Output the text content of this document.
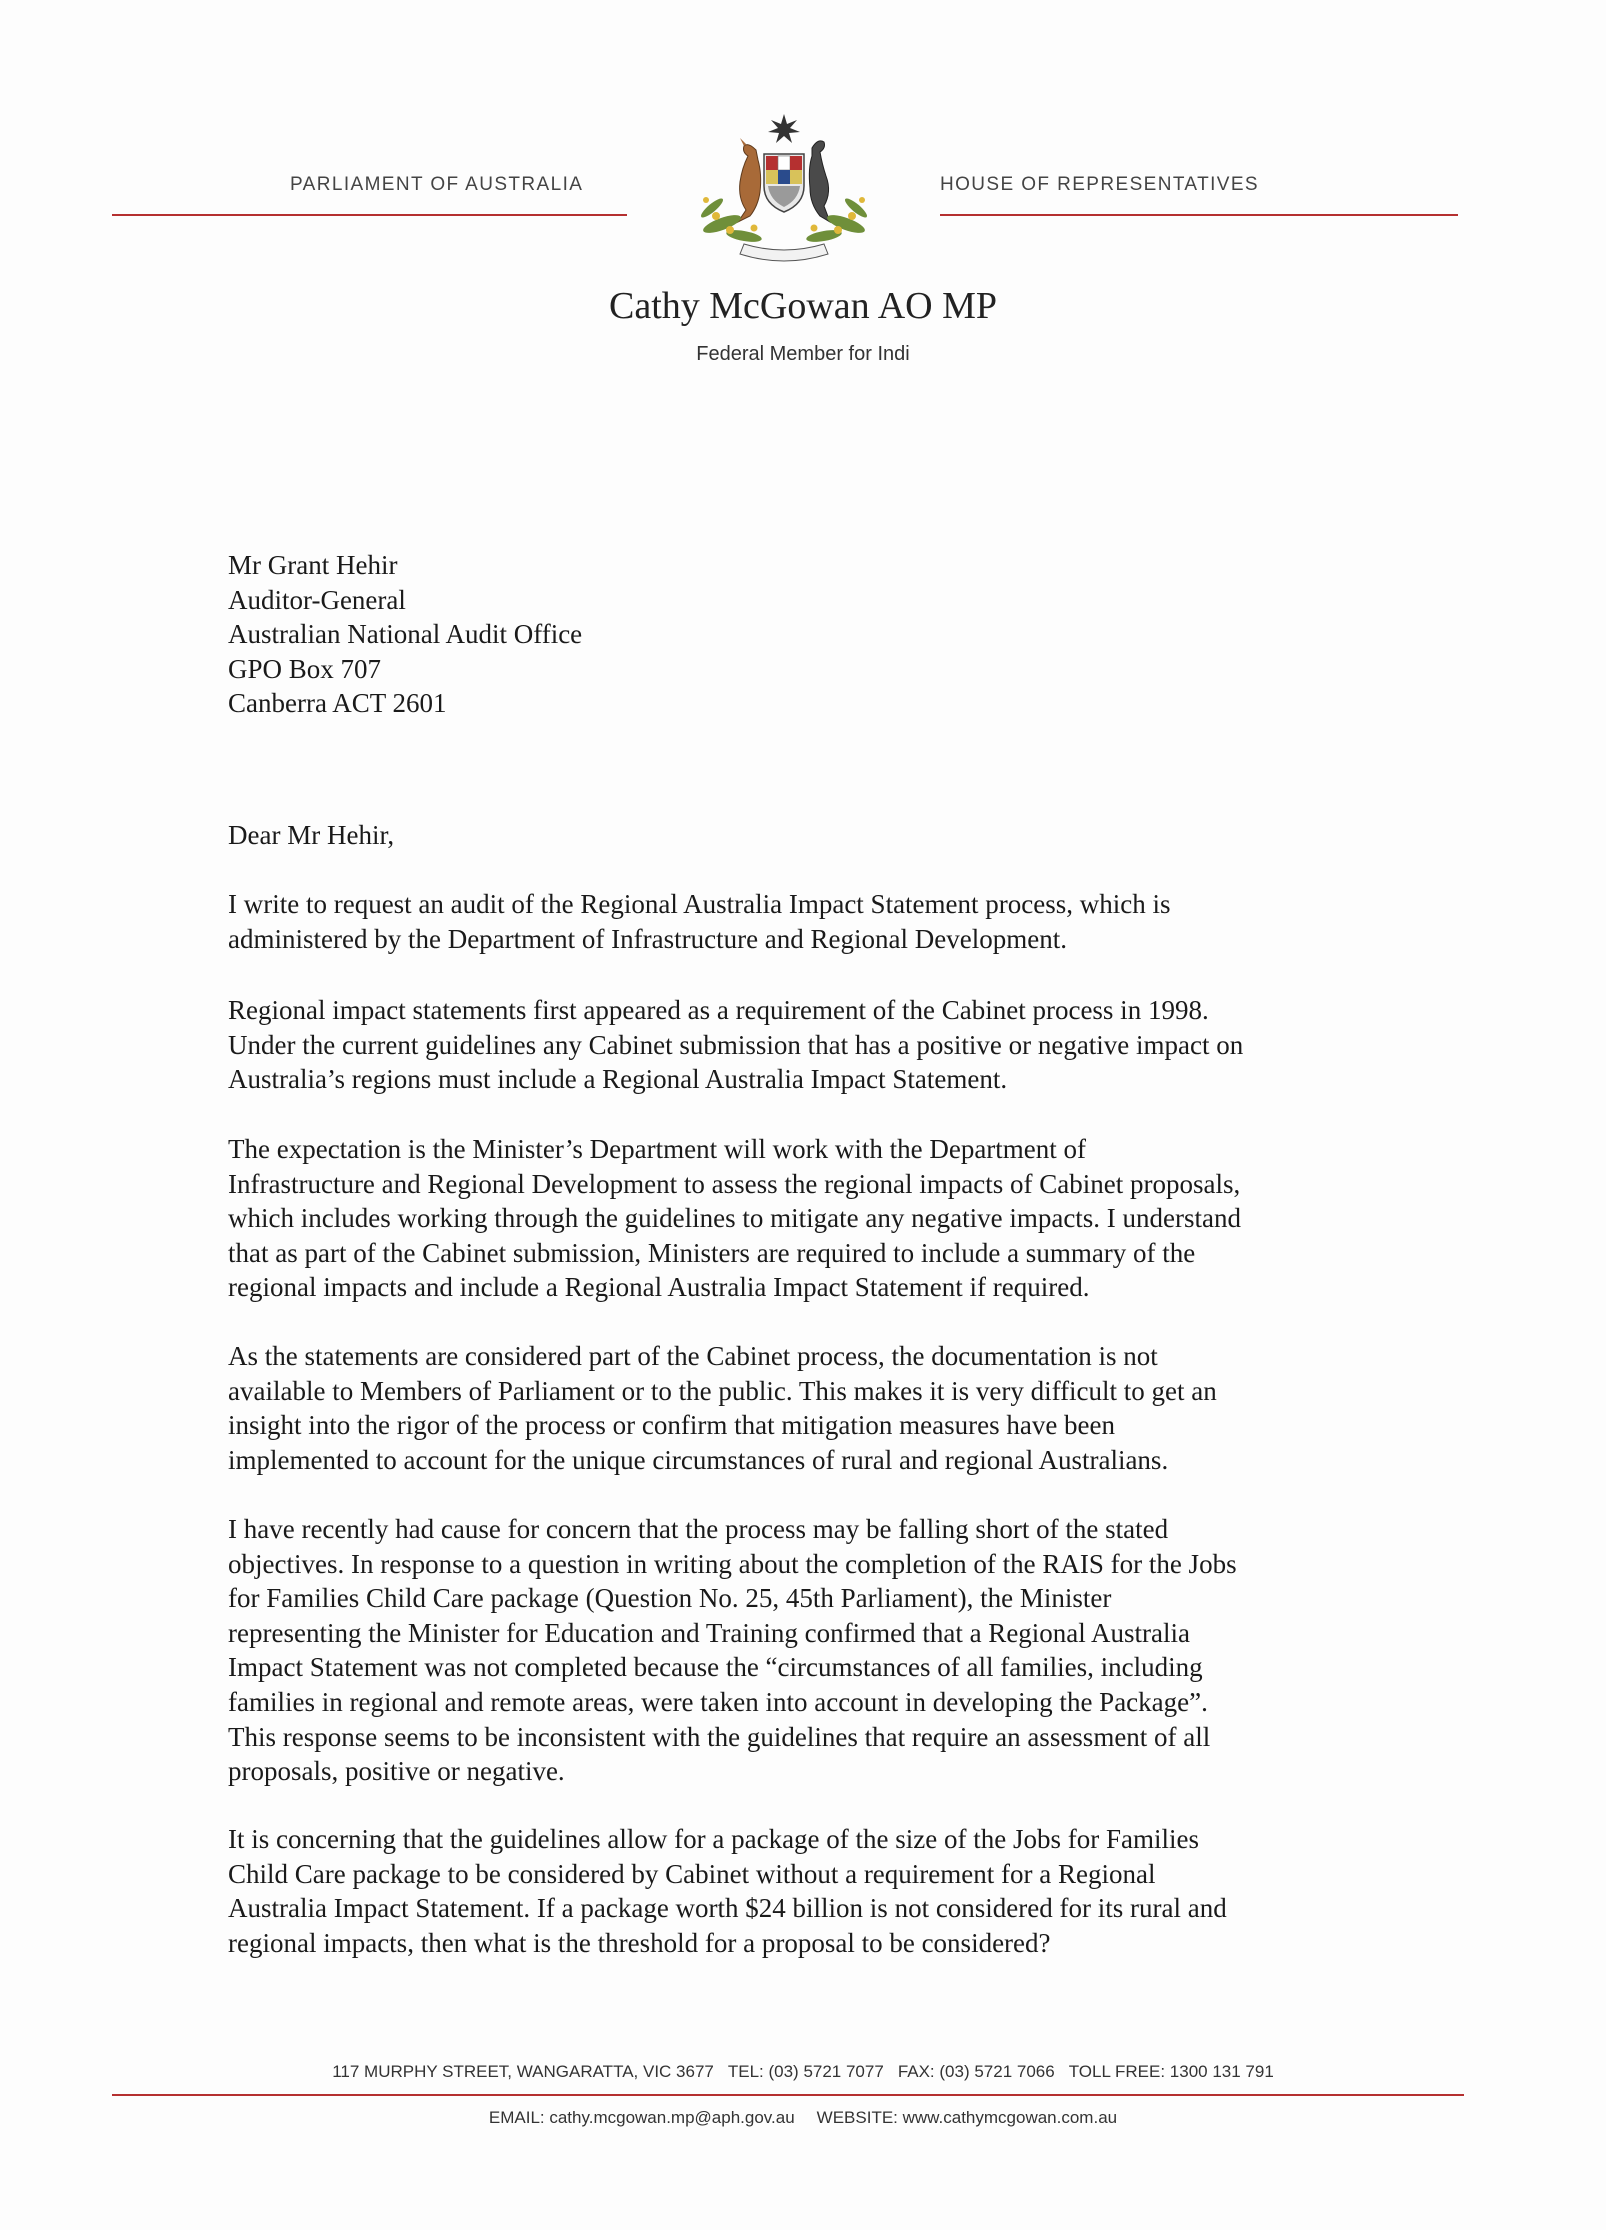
PARLIAMENT OF AUSTRALIA	HOUSE OF REPRESENTATIVES
Cathy McGowan AO MP
Federal Member for Indi
Mr Grant Hehir
Auditor-General
Australian National Audit Office
GPO Box 707
Canberra ACT 2601
Dear Mr Hehir,
I write to request an audit of the Regional Australia Impact Statement process, which is
administered by the Department of Infrastructure and Regional Development.
Regional impact statements first appeared as a requirement of the Cabinet process in 1998.
Under the current guidelines any Cabinet submission that has a positive or negative impact on
Australia’s regions must include a Regional Australia Impact Statement.
The expectation is the Minister’s Department will work with the Department of
Infrastructure and Regional Development to assess the regional impacts of Cabinet proposals,
which includes working through the guidelines to mitigate any negative impacts. I understand
that as part of the Cabinet submission, Ministers are required to include a summary of the
regional impacts and include a Regional Australia Impact Statement if required.
As the statements are considered part of the Cabinet process, the documentation is not
available to Members of Parliament or to the public. This makes it is very difficult to get an
insight into the rigor of the process or confirm that mitigation measures have been
implemented to account for the unique circumstances of rural and regional Australians.
I have recently had cause for concern that the process may be falling short of the stated
objectives. In response to a question in writing about the completion of the RAIS for the Jobs
for Families Child Care package (Question No. 25, 45th Parliament), the Minister
representing the Minister for Education and Training confirmed that a Regional Australia
Impact Statement was not completed because the “circumstances of all families, including
families in regional and remote areas, were taken into account in developing the Package”.
This response seems to be inconsistent with the guidelines that require an assessment of all
proposals, positive or negative.
It is concerning that the guidelines allow for a package of the size of the Jobs for Families
Child Care package to be considered by Cabinet without a requirement for a Regional
Australia Impact Statement. If a package worth $24 billion is not considered for its rural and
regional impacts, then what is the threshold for a proposal to be considered?
117 MURPHY STREET, WANGARATTA, VIC 3677 TEL: (03) 5721 7077 FAX: (03) 5721 7066 TOLL FREE: 1300 131 791
EMAIL: cathy.mcgowan.mp@aph.gov.au WEBSITE: www.cathymcgowan.com.au
